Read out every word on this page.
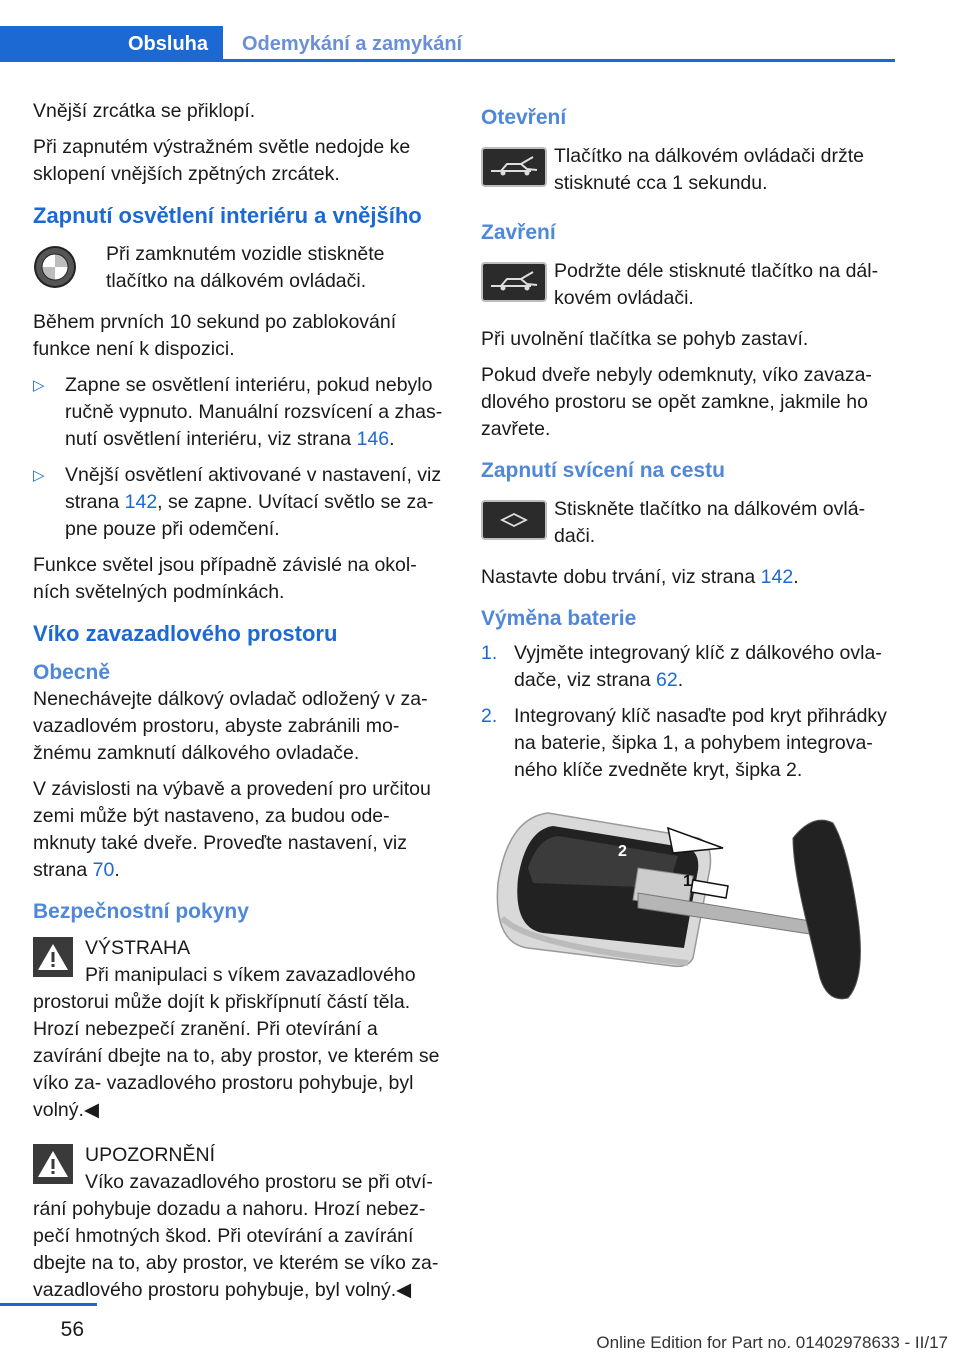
Obsluha	Odemykání a zamykání

Vnější zrcátka se přiklopí.

Při zapnutém výstražném světle nedojde ke sklopení vnějších zpětných zrcátek.

Zapnutí osvětlení interiéru a vnějšího
Při zamknutém vozidle stiskněte tlačítko na dálkovém ovládači.

Během prvních 10 sekund po zablokování funkce není k dispozici.

▷ Zapne se osvětlení interiéru, pokud nebylo ručně vypnuto. Manuální rozsvícení a zhas- nutí osvětlení interiéru, viz strana 146.
▷ Vnější osvětlení aktivované v nastavení, viz strana 142, se zapne. Uvítací světlo se za- pne pouze při odemčení.

Funkce světel jsou případně závislé na okol- ních světelných podmínkách.

Víko zavazadlového prostoru
Obecně

Nenechávejte dálkový ovladač odložený v za- vazadlovém prostoru, abyste zabránili mo- žnému zamknutí dálkového ovladače.

V závislosti na výbavě a provedení pro určitou zemi může být nastaveno, za budou ode- mknuty také dveře. Proveďte nastavení, viz strana 70.

Bezpečnostní pokyny
VÝSTRAHA
Při manipulaci s víkem zavazadlového
prostorui může dojít k přiskřípnutí částí těla. Hrozí nebezpečí zranění. Při otevírání a zavírání dbejte na to, aby prostor, ve kterém se víko za- vazadlového prostoru pohybuje, byl volný.◀
UPOZORNĚNÍ
Víko zavazadlového prostoru se při otví-
rání pohybuje dozadu a nahoru. Hrozí nebez- pečí hmotných škod. Při otevírání a zavírání dbejte na to, aby prostor, ve kterém se víko za- vazadlového prostoru pohybuje, byl volný.◀
Otevření
Tlačítko na dálkovém ovládači držte stisknuté cca 1 sekundu.
Zavření
Podržte déle stisknuté tlačítko na dál- kovém ovládači.

Při uvolnění tlačítka se pohyb zastaví.

Pokud dveře nebyly odemknuty, víko zavaza- dlového prostoru se opět zamkne, jakmile ho zavřete.

Zapnutí svícení na cestu
Stiskněte tlačítko na dálkovém ovlá- dači.

Nastavte dobu trvání, viz strana 142.

Výměna baterie
1. Vyjměte integrovaný klíč z dálkového ovla- dače, viz strana 62.
2. Integrovaný klíč nasaďte pod kryt přihrádky na baterie, šipka 1, a pohybem integrova- ného klíče zvedněte kryt, šipka 2.
1
2
56
Online Edition for Part no. 01402978633 - II/17
